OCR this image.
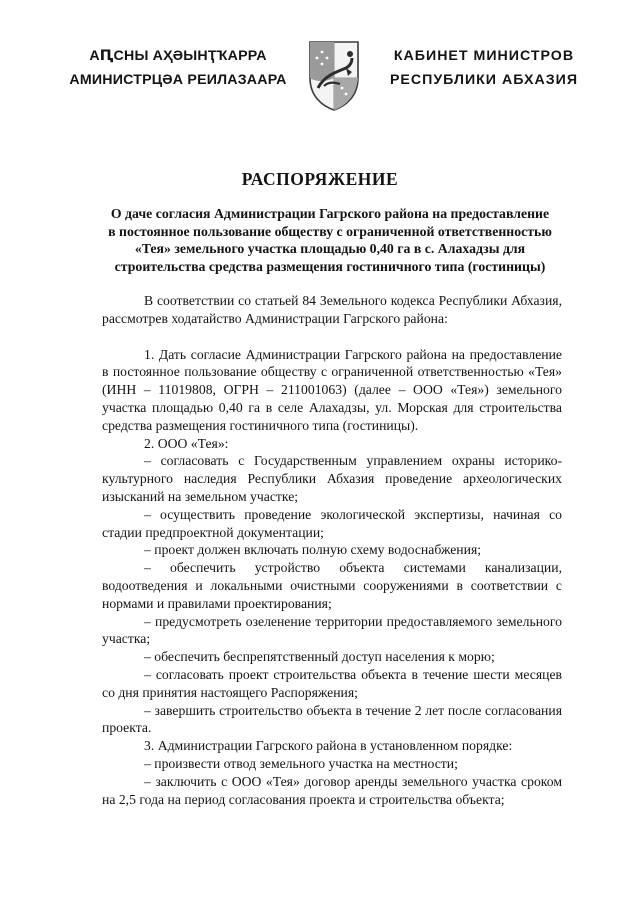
АԤСНЫ АҲӘЫНҬҠАРРА
АМИНИСТРЦӘА РЕИЛАЗААРА
КАБИНЕТ МИНИСТРОВ
РЕСПУБЛИКИ АБХАЗИЯ
РАСПОРЯЖЕНИЕ
О даче согласия Администрации Гагрского района на предоставление
в постоянное пользование обществу с ограниченной ответственностью
«Тея» земельного участка площадью 0,40 га в с. Алахадзы для
строительства средства размещения гостиничного типа (гостиницы)

В соответствии со статьей 84 Земельного кодекса Республики Абхазия, рассмотрев ходатайство Администрации Гагрского района:

1. Дать согласие Администрации Гагрского района на предоставление в постоянное пользование обществу с ограниченной ответственностью «Тея» (ИНН – 11019808, ОГРН – 211001063) (далее – ООО «Тея») земельного участка площадью 0,40 га в селе Алахадзы, ул. Морская для строительства средства размещения гостиничного типа (гостиницы).

2. ООО «Тея»:

– согласовать с Государственным управлением охраны историко-культурного наследия Республики Абхазия проведение археологических изысканий на земельном участке;

– осуществить проведение экологической экспертизы, начиная со стадии предпроектной документации;

– проект должен включать полную схему водоснабжения;

– обеспечить устройство объекта системами канализации, водоотведения и локальными очистными сооружениями в соответствии с нормами и правилами проектирования;

– предусмотреть озеленение территории предоставляемого земельного участка;

– обеспечить беспрепятственный доступ населения к морю;

– согласовать проект строительства объекта в течение шести месяцев со дня принятия настоящего Распоряжения;

– завершить строительство объекта в течение 2 лет после согласования проекта.

3. Администрации Гагрского района в установленном порядке:

– произвести отвод земельного участка на местности;

– заключить с ООО «Тея» договор аренды земельного участка сроком на 2,5 года на период согласования проекта и строительства объекта;
